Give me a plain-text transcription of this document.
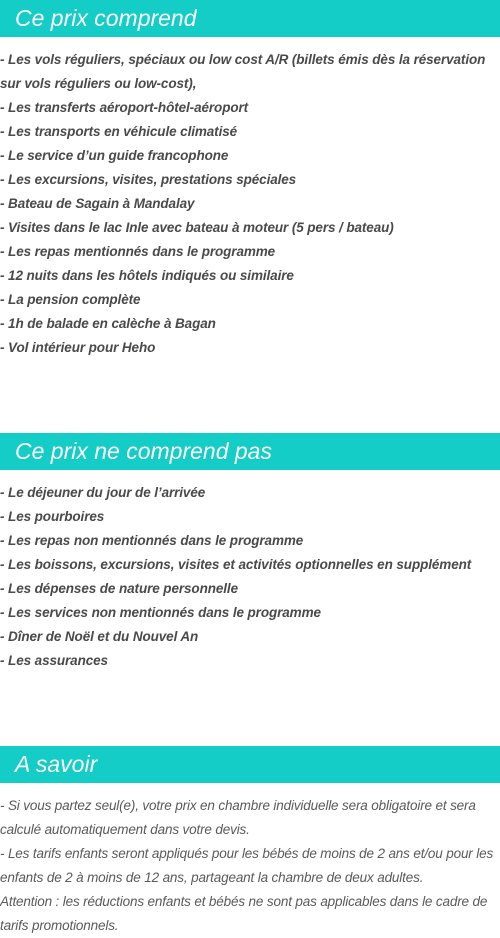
Ce prix comprend
- Les vols réguliers, spéciaux ou low cost A/R (billets émis dès la réservation sur vols réguliers ou low-cost),
- Les transferts aéroport-hôtel-aéroport
- Les transports en véhicule climatisé
- Le service d’un guide francophone
- Les excursions, visites, prestations spéciales
- Bateau de Sagain à Mandalay
- Visites dans le lac Inle avec bateau à moteur (5 pers / bateau)
- Les repas mentionnés dans le programme
- 12 nuits dans les hôtels indiqués ou similaire
- La pension complète
- 1h de balade en calèche à Bagan
- Vol intérieur pour Heho
Ce prix ne comprend pas
- Le déjeuner du jour de l’arrivée
- Les pourboires
- Les repas non mentionnés dans le programme
- Les boissons, excursions, visites et activités optionnelles en supplément
- Les dépenses de nature personnelle
- Les services non mentionnés dans le programme
- Dîner de Noël et du Nouvel An
- Les assurances
A savoir
- Si vous partez seul(e), votre prix en chambre individuelle sera obligatoire et sera calculé automatiquement dans votre devis.
- Les tarifs enfants seront appliqués pour les bébés de moins de 2 ans et/ou pour les enfants de 2 à moins de 12 ans, partageant la chambre de deux adultes.
Attention : les réductions enfants et bébés ne sont pas applicables dans le cadre de tarifs promotionnels.
